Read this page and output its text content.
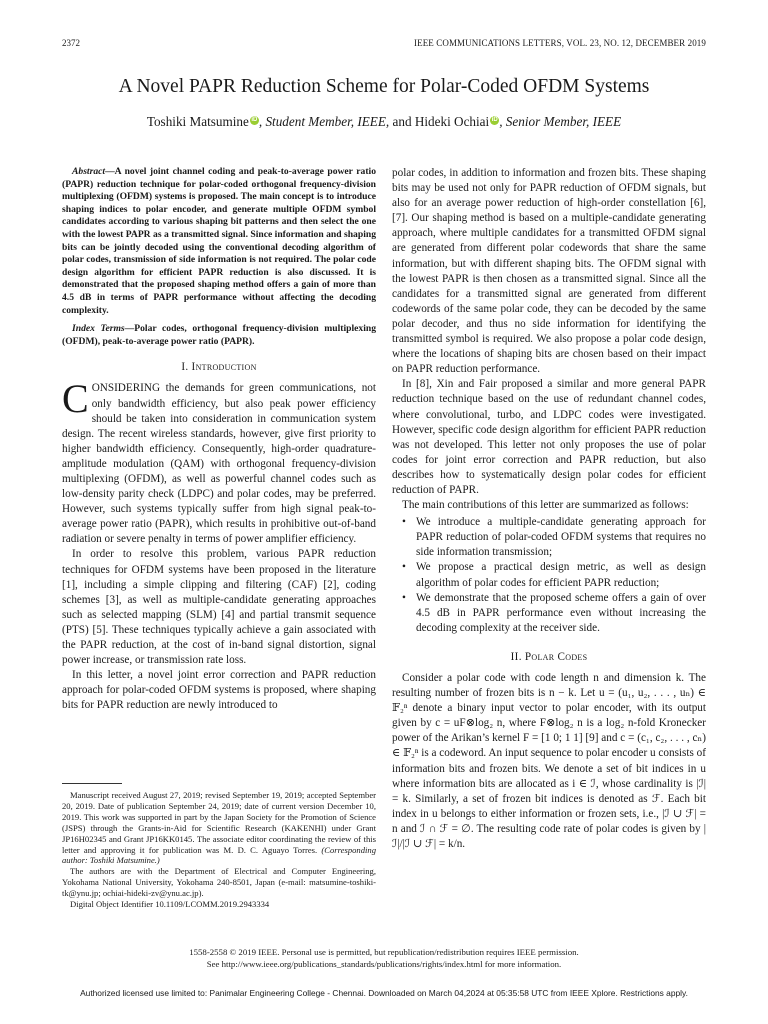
2372	IEEE COMMUNICATIONS LETTERS, VOL. 23, NO. 12, DECEMBER 2019
A Novel PAPR Reduction Scheme for Polar-Coded OFDM Systems
Toshiki Matsumine iD , Student Member, IEEE, and Hideki Ochiai iD , Senior Member, IEEE

Abstract—A novel joint channel coding and peak-to-average power ratio (PAPR) reduction technique for polar-coded orthogonal frequency-division multiplexing (OFDM) systems is proposed. The main concept is to introduce shaping indices to polar encoder, and generate multiple OFDM symbol candidates according to various shaping bit patterns and then select the one with the lowest PAPR as a transmitted signal. Since information and shaping bits can be jointly decoded using the conventional decoding algorithm of polar codes, transmission of side information is not required. The polar code design algorithm for efficient PAPR reduction is also discussed. It is demonstrated that the proposed shaping method offers a gain of more than 4.5 dB in terms of PAPR performance without affecting the decoding complexity.

Index Terms—Polar codes, orthogonal frequency-division multiplexing (OFDM), peak-to-average power ratio (PAPR).

I. Introduction

CONSIDERING the demands for green communications, not only bandwidth efficiency, but also peak power efficiency should be taken into consideration in communication system design. The recent wireless standards, however, give first priority to higher bandwidth efficiency. Consequently, high-order quadrature-amplitude modulation (QAM) with orthogonal frequency-division multiplexing (OFDM), as well as powerful channel codes such as low-density parity check (LDPC) and polar codes, may be preferred. However, such systems typically suffer from high signal peak-to-average power ratio (PAPR), which results in prohibitive out-of-band radiation or severe penalty in terms of power amplifier efficiency.

In order to resolve this problem, various PAPR reduction techniques for OFDM systems have been proposed in the literature [1], including a simple clipping and filtering (CAF) [2], coding schemes [3], as well as multiple-candidate generating approaches such as selected mapping (SLM) [4] and partial transmit sequence (PTS) [5]. These techniques typically achieve a gain associated with the PAPR reduction, at the cost of in-band signal distortion, signal power increase, or transmission rate loss.

In this letter, a novel joint error correction and PAPR reduction approach for polar-coded OFDM systems is proposed, where shaping bits for PAPR reduction are newly introduced to

Manuscript received August 27, 2019; revised September 19, 2019; accepted September 20, 2019. Date of publication September 24, 2019; date of current version December 10, 2019. This work was supported in part by the Japan Society for the Promotion of Science (JSPS) through the Grants-in-Aid for Scientific Research (KAKENHI) under Grant JP16H02345 and Grant JP16KK0145. The associate editor coordinating the review of this letter and approving it for publication was M. D. C. Aguayo Torres. (Corresponding author: Toshiki Matsumine.)

The authors are with the Department of Electrical and Computer Engineering, Yokohama National University, Yokohama 240-8501, Japan (e-mail: matsumine-toshiki-tk@ynu.jp; ochiai-hideki-zv@ynu.ac.jp).

Digital Object Identifier 10.1109/LCOMM.2019.2943334

polar codes, in addition to information and frozen bits. These shaping bits may be used not only for PAPR reduction of OFDM signals, but also for an average power reduction of high-order constellation [6], [7]. Our shaping method is based on a multiple-candidate generating approach, where multiple candidates for a transmitted OFDM signal are generated from different polar codewords that share the same information, but with different shaping bits. The OFDM signal with the lowest PAPR is then chosen as a transmitted signal. Since all the candidates for a transmitted signal are generated from different codewords of the same polar code, they can be decoded by the same polar decoder, and thus no side information for identifying the transmitted symbol is required. We also propose a polar code design, where the locations of shaping bits are chosen based on their impact on PAPR reduction performance.

In [8], Xin and Fair proposed a similar and more general PAPR reduction technique based on the use of redundant channel codes, where convolutional, turbo, and LDPC codes were investigated. However, specific code design algorithm for efficient PAPR reduction was not developed. This letter not only proposes the use of polar codes for joint error correction and PAPR reduction, but also describes how to systematically design polar codes for efficient reduction of PAPR.

The main contributions of this letter are summarized as follows:

• We introduce a multiple-candidate generating approach for PAPR reduction of polar-coded OFDM systems that requires no side information transmission;
• We propose a practical design metric, as well as design algorithm of polar codes for efficient PAPR reduction;
• We demonstrate that the proposed scheme offers a gain of over 4.5 dB in PAPR performance even without increasing the decoding complexity at the receiver side.
II. Polar Codes

Consider a polar code with code length n and dimension k. The resulting number of frozen bits is n − k. Let u = (u₁, u₂, . . . , uₙ) ∈ 𝔽₂ⁿ denote a binary input vector to polar encoder, with its output given by c = uF⊗log₂ n, where F⊗log₂ n is a log₂ n-fold Kronecker power of the Arikan’s kernel F = [1 0; 1 1] [9] and c = (c₁, c₂, . . . , cₙ) ∈ 𝔽₂ⁿ is a codeword. An input sequence to polar encoder u consists of information bits and frozen bits. We denote a set of bit indices in u where information bits are allocated as i ∈ ℐ, whose cardinality is |ℐ| = k. Similarly, a set of frozen bit indices is denoted as ℱ. Each bit index in u belongs to either information or frozen sets, i.e., |ℐ ∪ ℱ| = n and ℐ ∩ ℱ = ∅. The resulting code rate of polar codes is given by |ℐ|/|ℐ ∪ ℱ| = k/n.

1558-2558 © 2019 IEEE. Personal use is permitted, but republication/redistribution requires IEEE permission.
See http://www.ieee.org/publications_standards/publications/rights/index.html for more information.
Authorized licensed use limited to: Panimalar Engineering College - Chennai. Downloaded on March 04,2024 at 05:35:58 UTC from IEEE Xplore. Restrictions apply.
